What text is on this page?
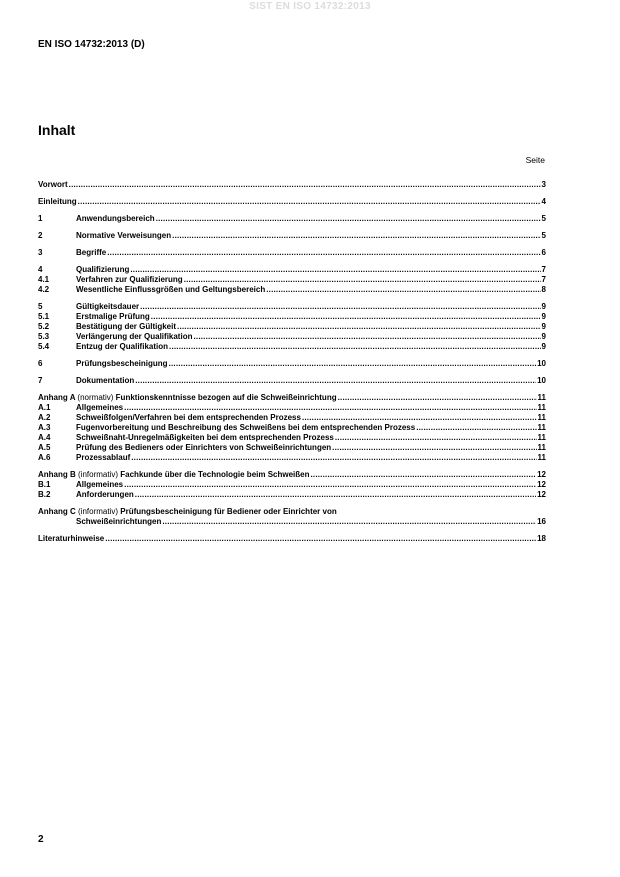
SIST EN ISO 14732:2013
EN ISO 14732:2013 (D)
Inhalt
Seite
Vorwort .....	3
Einleitung .....	4
1	Anwendungsbereich .....	5
2	Normative Verweisungen .....	5
3	Begriffe .....	6
4	Qualifizierung .....	7
4.1	Verfahren zur Qualifizierung .....	7
4.2	Wesentliche Einflussgrößen und Geltungsbereich .....	8
5	Gültigkeitsdauer .....	9
5.1	Erstmalige Prüfung .....	9
5.2	Bestätigung der Gültigkeit .....	9
5.3	Verlängerung der Qualifikation .....	9
5.4	Entzug der Qualifikation .....	9
6	Prüfungsbescheinigung .....	10
7	Dokumentation .....	10
Anhang A (normativ) Funktionskenntnisse bezogen auf die Schweißeinrichtung .....	11
A.1	Allgemeines .....	11
A.2	Schweißfolgen/Verfahren bei dem entsprechenden Prozess .....	11
A.3	Fugenvorbereitung und Beschreibung des Schweißens bei dem entsprechenden Prozess .....	11
A.4	Schweißnaht-Unregelmäßigkeiten bei dem entsprechenden Prozess .....	11
A.5	Prüfung des Bedieners oder Einrichters von Schweißeinrichtungen .....	11
A.6	Prozessablauf .....	11
Anhang B (informativ) Fachkunde über die Technologie beim Schweißen .....	12
B.1	Allgemeines .....	12
B.2	Anforderungen .....	12
Anhang C (informativ) Prüfungsbescheinigung für Bediener oder Einrichter von
Schweißeinrichtungen .....	16
Literaturhinweise .....	18
2
